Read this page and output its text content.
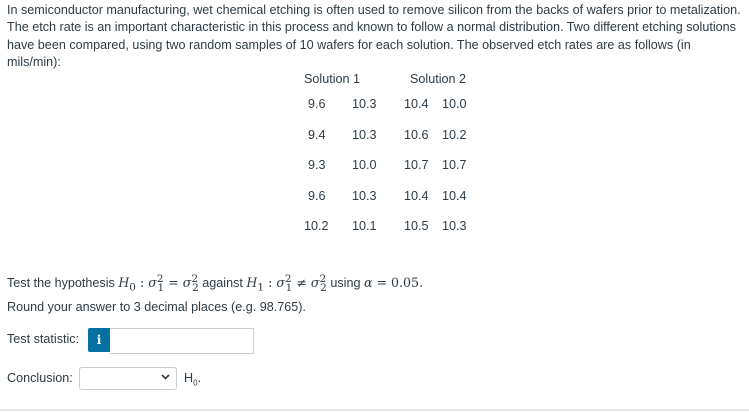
In semiconductor manufacturing, wet chemical etching is often used to remove silicon from the backs of wafers prior to metalization. The etch rate is an important characteristic in this process and known to follow a normal distribution. Two different etching solutions have been compared, using two random samples of 10 wafers for each solution. The observed etch rates are as follows (in mils/min):
Solution 1		Solution 2	
9.6	10.3	10.4	10.0
9.4	10.3	10.6	10.2
9.3	10.0	10.7	10.7
9.6	10.3	10.4	10.4
10.2	10.1	10.5	10.3
Test the hypothesis $H_0$ : $\sigma^2_1 = \sigma^2_2$ against $H_1$ : $\sigma^2_1 \ne \sigma^2_2$ using α = 0.05.
Round your answer to 3 decimal places (e.g. 98.765).
Test statistic:	i
Conclusion:	$H_0$.
